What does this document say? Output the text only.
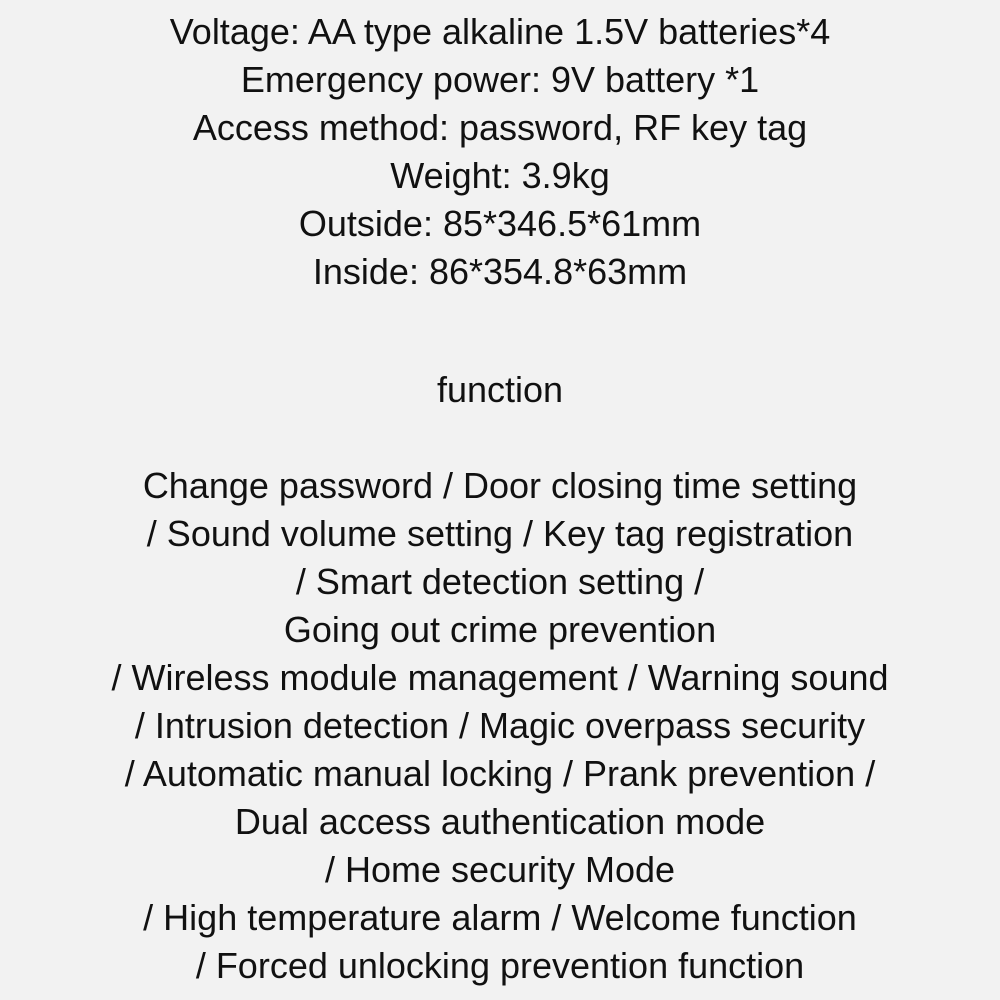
Voltage: AA type alkaline 1.5V batteries*4
Emergency power: 9V battery *1
Access method: password, RF key tag
Weight: 3.9kg
Outside: 85*346.5*61mm
Inside: 86*354.8*63mm
function
Change password / Door closing time setting
/ Sound volume setting / Key tag registration
/ Smart detection setting /
Going out crime prevention
/ Wireless module management / Warning sound
/ Intrusion detection / Magic overpass security
/ Automatic manual locking / Prank prevention /
Dual access authentication mode
/ Home security Mode
/ High temperature alarm / Welcome function
/ Forced unlocking prevention function
